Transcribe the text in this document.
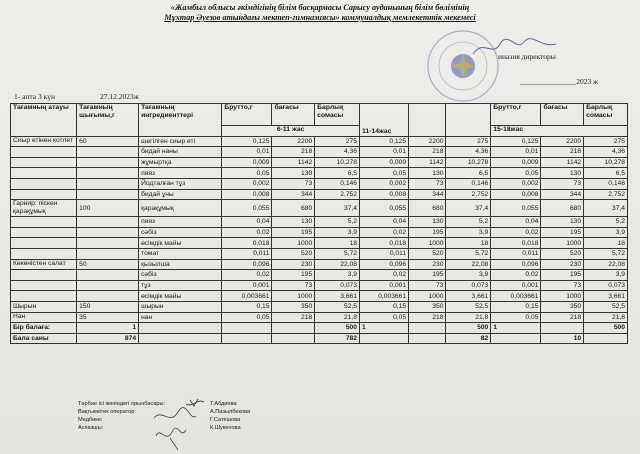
«Жамбыл облысы әкімдігінің білім басқармасы Сарысу ауданының білім бөлімінің
Мұхтар Әуезов атындағы мектеп-гимназиясы» коммуналдық мемлекеттік мекемесі
иназия директоры
_______________2023 ж
1- апта 3 күн	27.12.2023ж
Тағамның атауы	Тағамның шығымы,г	Тағамның ингредиенттері	Брутто,г	бағасы	Барлық сомасы	11-14жас			Брутто,г	бағасы	Барлық сомасы
			6-11 жас						15-18жас		
Сиыр етінен котлет	60	шегілген сиыр еті	0,125	2200	275	0,125	2200	275	0,125	2200	275
		бидай наны	0,01	218	4,36	0,01	218	4,36	0,01	218	4,36
		жұмыртқа	0,009	1142	10,278	0,009	1142	10,278	0,009	1142	10,278
		пияз	0,05	130	6,5	0,05	130	6,5	0,05	130	6,5
		Йодталған тұз	0,002	73	0,146	0,002	73	0,146	0,002	73	0,146
		бидай ұны	0,008	344	2,752	0,008	344	2,752	0,008	344	2,752
Гарнир: піскен қарақұмық	100	қарақұмық	0,055	680	37,4	0,055	680	37,4	0,055	680	37,4
		пияз	0,04	130	5,2	0,04	130	5,2	0,04	130	5,2
		сәбіз	0,02	195	3,9	0,02	195	3,9	0,02	195	3,9
		өсімдік майы	0,018	1000	18	0,018	1000	18	0,018	1000	18
		томат	0,011	520	5,72	0,011	520	5,72	0,011	520	5,72
Көкөністен салат	50	қызылша	0,096	230	22,08	0,096	230	22,08	0,096	230	22,08
		сәбіз	0,02	195	3,9	0,02	195	3,9	0,02	195	3,9
		тұз	0,001	73	0,073	0,001	73	0,073	0,001	73	0,073
		өсімдік майы	0,003661	1000	3,661	0,003661	1000	3,661	0,003661	1000	3,661
Шырын	150	шырын	0,15	350	52,5	0,15	350	52,5	0,15	350	52,5
Нан	35	нан	0,05	218	21,8	0,05	218	21,8	0,05	218	21,8
Бір балаға:	1				500	1		500	1		500
Бала саны	874				782			82		10	
Тәрбие ісі жөніндегі орынбасары:
Вақтыекітек оператор:
Медбике:
Аспазшы:
Т.Абдиева
А.Пазылбекова
Г.Сатешова
К.Шукенова
